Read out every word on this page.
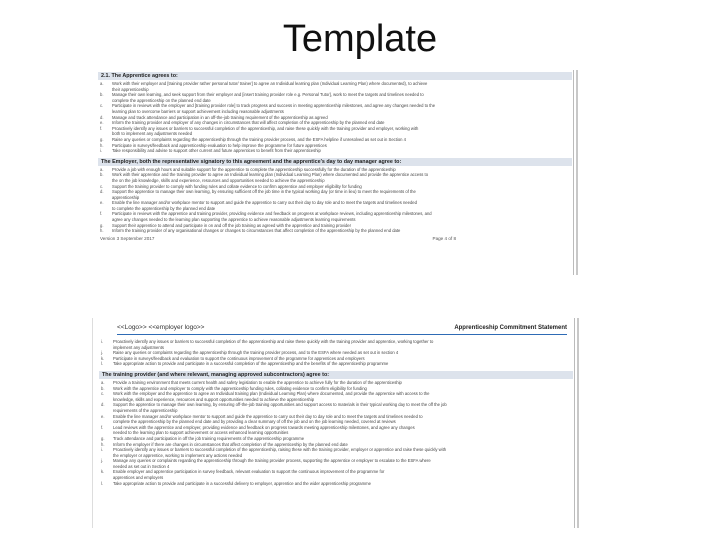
Template
2.1. The Apprentice agrees to:
a.	Work with their employer and [training provider rather personal tutor/ trainer] to agree an Individual learning plan (Individual Learning Plan) where documented), to achieve
their apprenticeship
b.	Manage their own learning, and seek support from their employer and [insert training provider role e.g. Personal Tutor], work to meet the targets and timelines needed to
complete the apprenticeship on the planned end date
c.	Participate in reviews with the employer and [training provider role] to track progress and success in meeting apprenticeship milestones, and agree any changes needed to the
learning plan to overcome barriers or support achievement including reasonable adjustments
d.	Manage and track attendance and participation in an off-the-job training requirement of the apprenticeship as agreed
e.	Inform the training provider and employer of any changes in circumstances that will affect completion of the apprenticeship by the planned end date
f.	Proactively identify any issues or barriers to successful completion of the apprenticeship, and raise these quickly with the training provider and employer, working with
both to implement any adjustments needed
g.	Raise any queries or complaints regarding the apprenticeship through the training provider process, and the ESFA helpline if unresolved as set out in Section 4
h.	Participate in surveys/feedback and apprenticeship evaluation to help improve the programme for future apprentices
i.	Take responsibility and advise to support other current and future apprentices to benefit from their apprenticeship
The Employer, both the representative signatory to this agreement and the apprentice's day to day manager agree to:
a.	Provide a job with enough hours and suitable support for the apprentice to complete the apprenticeship successfully for the duration of the apprenticeship
b.	Work with their apprentice and the training provider to agree an Individual learning plan (Individual Learning Plan) where documented and provide the apprentice access to
the on the job knowledge, skills and experience, resources and opportunities needed to achieve the apprenticeship
c.	Support the training provider to comply with funding rules and collate evidence to confirm apprentice and employer eligibility for funding
d.	Support the apprentice to manage their own learning, by ensuring sufficient off the job time in the typical working day (or time in lieu) to meet the requirements of the
apprenticeship
e.	Enable the line manager and/or workplace mentor to support and guide the apprentice to carry out their day to day role and to meet the targets and timelines needed
to complete the apprenticeship by the planned end date
f.	Participate in reviews with the apprentice and training provider, providing evidence and feedback on progress at workplace reviews, including apprenticeship milestones, and
agree any changes needed to the learning plan supporting the apprentice to achieve reasonable adjustments learning requirements
g.	Support their apprentice to attend and participate in on and off the job training as agreed with the apprentice and training provider
h.	Inform the training provider of any organisational changes or changes to circumstances that affect completion of the apprenticeship by the planned end date
Version 3 September 2017	Page 4 of 8
<<Logo>> <<employer logo>>	Apprenticeship Commitment Statement
i.	Proactively identify any issues or barriers to successful completion of the apprenticeship and raise these quickly with the training provider and apprentice, working together to
implement any adjustments
j.	Raise any queries or complaints regarding the apprenticeship through the training provider process, and to the ESFA where needed as set out in section 4
k.	Participate in surveys/feedback and evaluation to support the continuous improvement of the programme for apprentices and employers
l.	Take appropriate action to provide and participate in a successful completion of the apprenticeship and the benefits of the apprenticeship programme
The training provider (and where relevant, managing approved subcontractors) agree to:
a.	Provide a training environment that meets current health and safety legislation to enable the apprentice to achieve fully for the duration of the apprenticeship
b.	Work with the apprentice and employer to comply with the apprenticeship funding rules, collating evidence to confirm eligibility for funding
c.	Work with the employer and the apprentice to agree an Individual training plan (Individual Learning Plan) where documented, and provide the apprentice with access to the
knowledge, skills and experience, resources and support opportunities needed to achieve the apprenticeship
d.	Support the apprentice to manage their own learning, by ensuring off-the-job training opportunities and support access to materials in their typical working day to meet the off the job
requirements of the apprenticeship
e.	Enable the line manager and/or workplace mentor to support and guide the apprentice to carry out their day to day role and to meet the targets and timelines needed to
complete the apprenticeship by the planned end date and by providing a clear summary of off the job and on the job learning needed, covered at reviews
f.	Lead reviews with the apprentice and employer, providing evidence and feedback on progress towards meeting apprenticeship milestones, and agree any changes
needed to the learning plan to support achievement or access enhanced learning opportunities
g.	Track attendance and participation in off the job training requirements of the apprenticeship programme
h.	Inform the employer if there are changes in circumstances that affect completion of the apprenticeship by the planned end date
i.	Proactively identify any issues or barriers to successful completion of the apprenticeship, raising these with the training provider, employer or apprentice and raise these quickly with
the employer or apprentice, working to implement any actions needed
j.	Manage any queries or complaints regarding the apprenticeship through the training provider process, supporting the apprentice or employer to escalate to the ESFA where
needed as set out in Section 4
k.	Enable employer and apprentice participation in survey feedback, relevant evaluation to support the continuous improvement of the programme for
apprentices and employers
l.	Take appropriate action to provide and participate in a successful delivery to employer, apprentice and the wider apprenticeship programme
